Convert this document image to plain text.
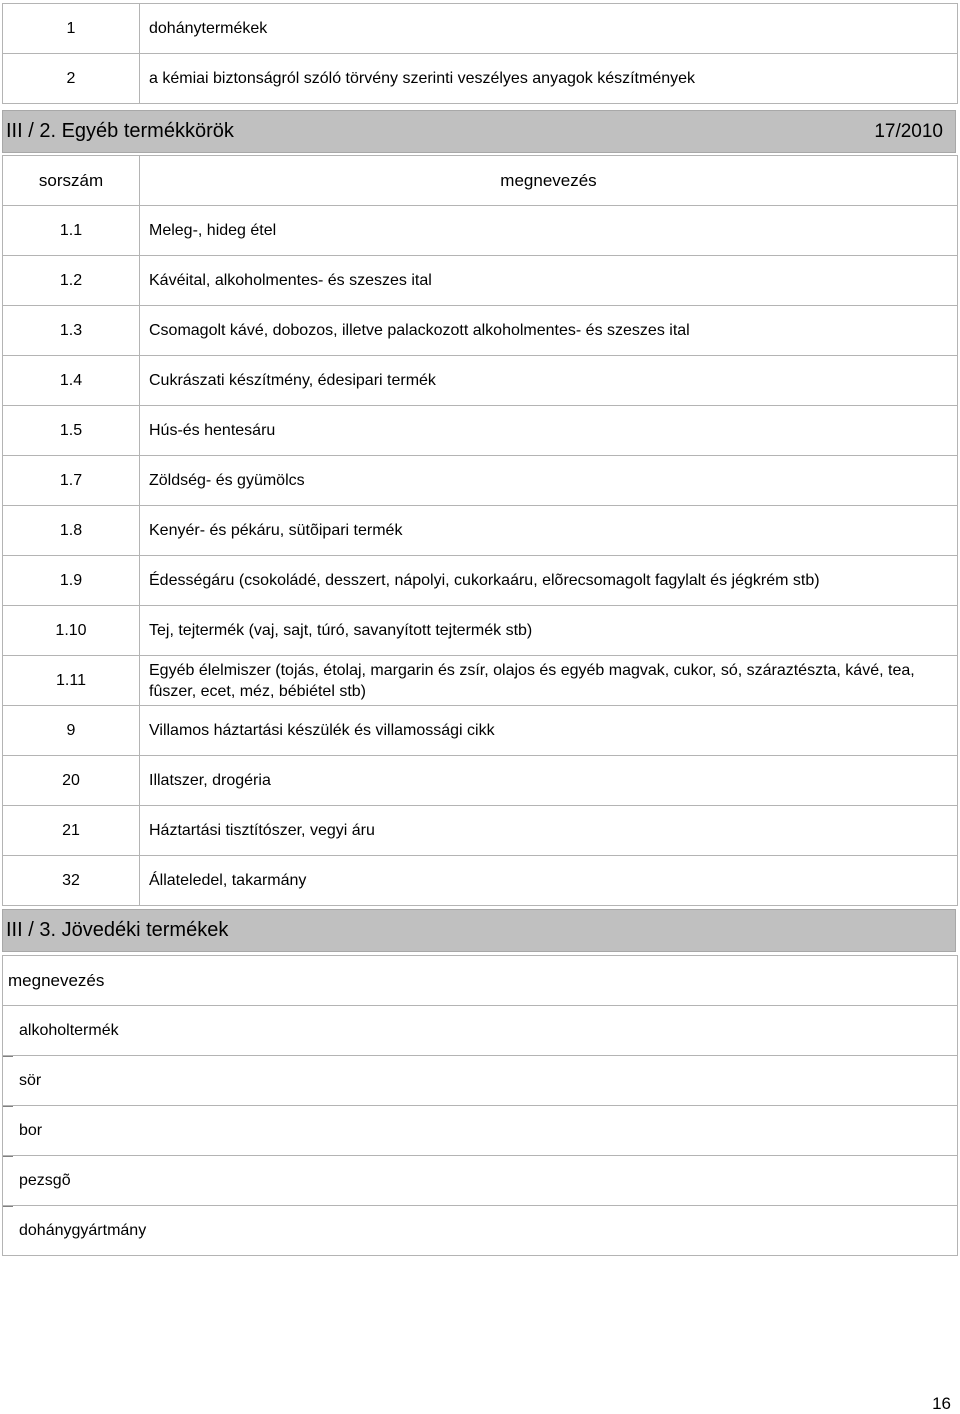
1	dohánytermékek
2	a kémiai biztonságról szóló törvény szerinti veszélyes anyagok készítmények
III / 2. Egyéb termékkörök	17/2010
sorszám	megnevezés
1.1	Meleg-, hideg étel
1.2	Kávéital, alkoholmentes- és szeszes ital
1.3	Csomagolt kávé, dobozos, illetve palackozott alkoholmentes- és szeszes ital
1.4	Cukrászati készítmény, édesipari termék
1.5	Hús-és hentesáru
1.7	Zöldség- és gyümölcs
1.8	Kenyér- és pékáru, sütõipari termék
1.9	Édességáru (csokoládé, desszert, nápolyi, cukorkaáru, elõrecsomagolt fagylalt és jégkrém stb)
1.10	Tej, tejtermék (vaj, sajt, túró, savanyított tejtermék stb)
1.11	Egyéb élelmiszer (tojás, étolaj, margarin és zsír, olajos és egyéb magvak, cukor, só, száraztészta, kávé, tea, fûszer, ecet, méz, bébiétel stb)
9	Villamos háztartási készülék és villamossági cikk
20	Illatszer, drogéria
21	Háztartási tisztítószer, vegyi áru
32	Állateledel, takarmány
III / 3. Jövedéki termékek
megnevezés
alkoholtermék

sör

bor

pezsgõ

dohánygyártmány
16
